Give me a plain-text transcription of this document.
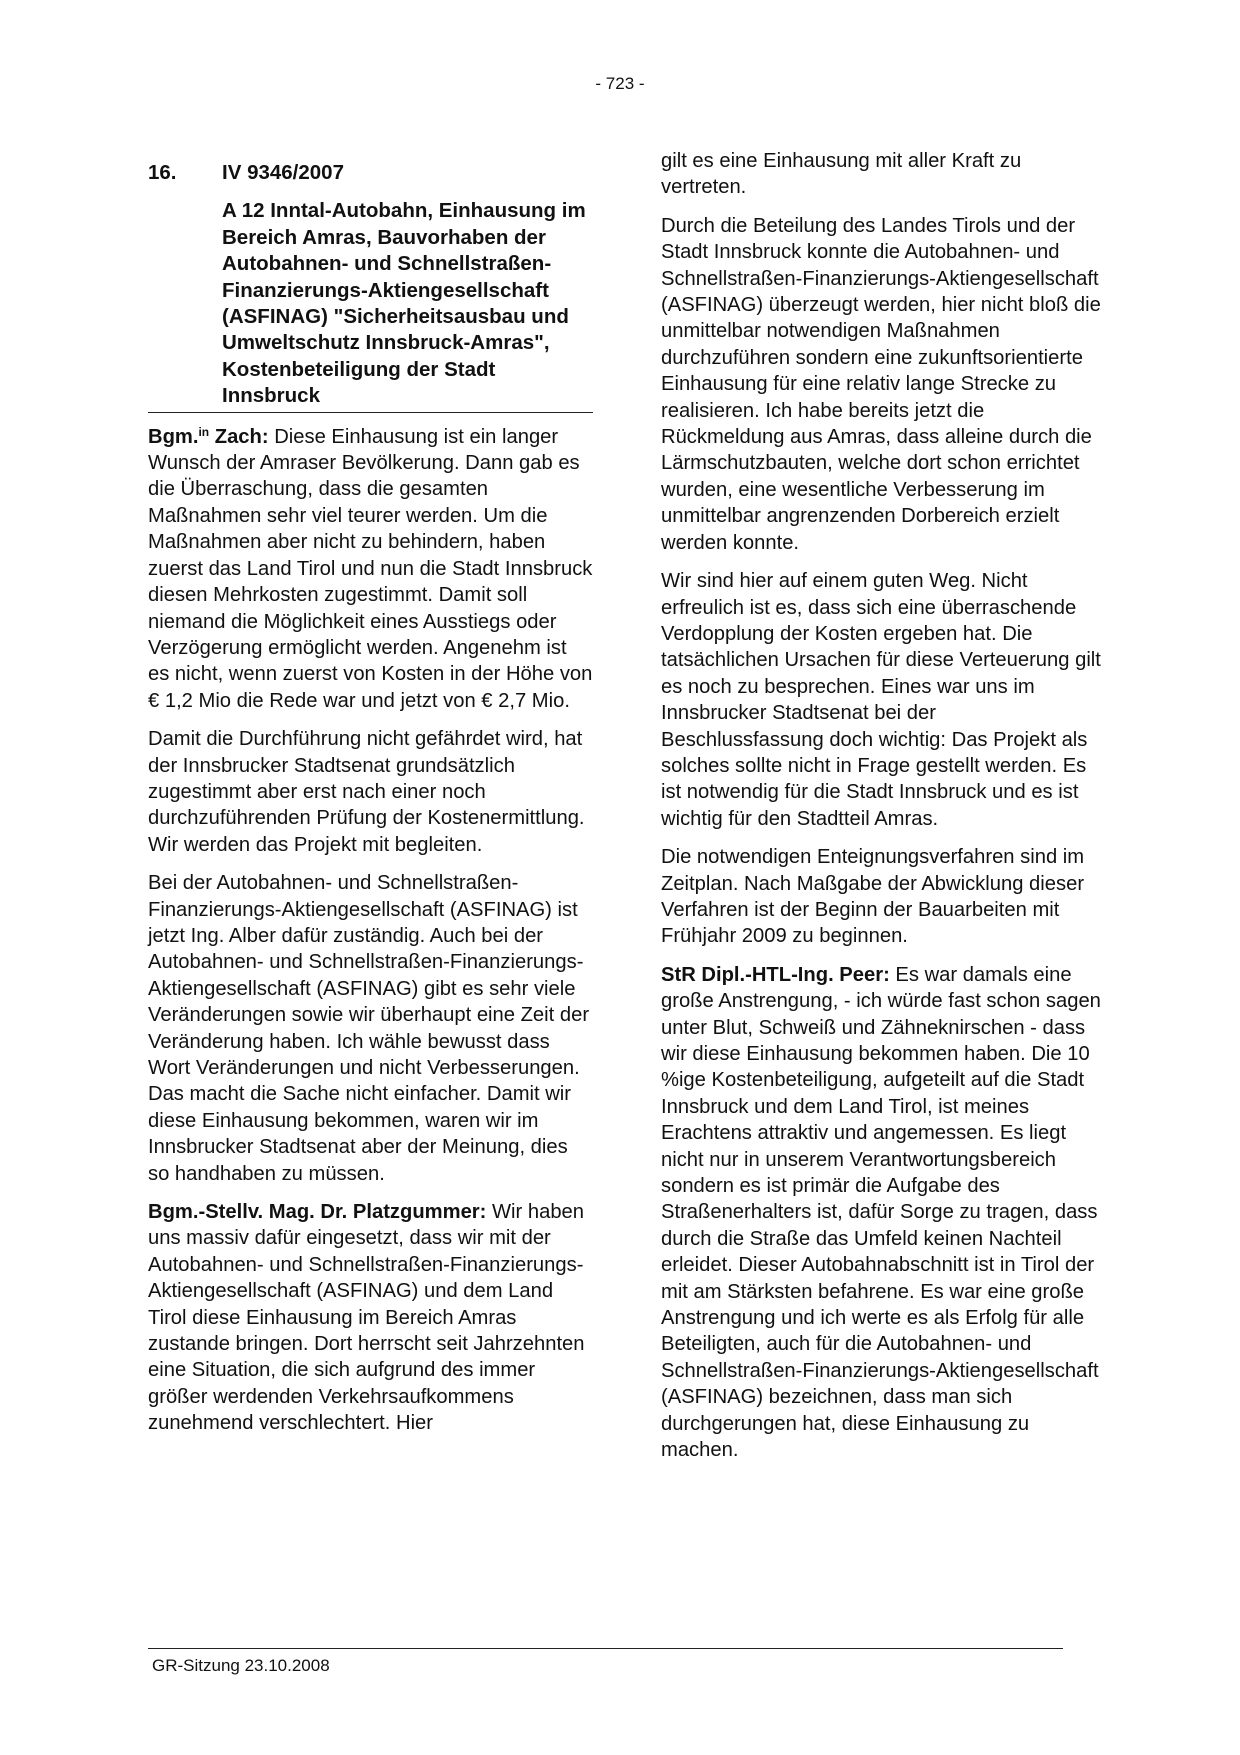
- 723 -
16.	IV 9346/2007
A 12 Inntal-Autobahn, Einhausung im Bereich Amras, Bauvorhaben der Autobahnen- und Schnellstraßen-Finanzierungs-Aktiengesellschaft (ASFINAG) "Sicherheitsausbau und Umweltschutz Innsbruck-Amras", Kostenbeteiligung der Stadt Innsbruck

Bgm.$^{in}$ Zach: Diese Einhausung ist ein langer Wunsch der Amraser Bevölkerung. Dann gab es die Überraschung, dass die gesamten Maßnahmen sehr viel teurer werden. Um die Maßnahmen aber nicht zu behindern, haben zuerst das Land Tirol und nun die Stadt Innsbruck diesen Mehrkosten zugestimmt. Damit soll niemand die Möglichkeit eines Ausstiegs oder Verzögerung ermöglicht werden. Angenehm ist es nicht, wenn zuerst von Kosten in der Höhe von € 1,2 Mio die Rede war und jetzt von € 2,7 Mio.

Damit die Durchführung nicht gefährdet wird, hat der Innsbrucker Stadtsenat grundsätzlich zugestimmt aber erst nach einer noch durchzuführenden Prüfung der Kostenermittlung. Wir werden das Projekt mit begleiten.

Bei der Autobahnen- und Schnellstraßen-Finanzierungs-Aktiengesellschaft (ASFINAG) ist jetzt Ing. Alber dafür zuständig. Auch bei der Autobahnen- und Schnellstraßen-Finanzierungs-Aktiengesellschaft (ASFINAG) gibt es sehr viele Veränderungen sowie wir überhaupt eine Zeit der Veränderung haben. Ich wähle bewusst dass Wort Veränderungen und nicht Verbesserungen. Das macht die Sache nicht einfacher. Damit wir diese Einhausung bekommen, waren wir im Innsbrucker Stadtsenat aber der Meinung, dies so handhaben zu müssen.

Bgm.-Stellv. Mag. Dr. Platzgummer: Wir haben uns massiv dafür eingesetzt, dass wir mit der Autobahnen- und Schnellstraßen-Finanzierungs-Aktiengesellschaft (ASFINAG) und dem Land Tirol diese Einhausung im Bereich Amras zustande bringen. Dort herrscht seit Jahrzehnten eine Situation, die sich aufgrund des immer größer werdenden Verkehrsaufkommens zunehmend verschlechtert. Hier

gilt es eine Einhausung mit aller Kraft zu vertreten.

Durch die Beteilung des Landes Tirols und der Stadt Innsbruck konnte die Autobahnen- und Schnellstraßen-Finanzierungs-Aktiengesellschaft (ASFINAG) überzeugt werden, hier nicht bloß die unmittelbar notwendigen Maßnahmen durchzuführen sondern eine zukunftsorientierte Einhausung für eine relativ lange Strecke zu realisieren. Ich habe bereits jetzt die Rückmeldung aus Amras, dass alleine durch die Lärmschutzbauten, welche dort schon errichtet wurden, eine wesentliche Verbesserung im unmittelbar angrenzenden Dorbereich erzielt werden konnte.

Wir sind hier auf einem guten Weg. Nicht erfreulich ist es, dass sich eine überraschende Verdopplung der Kosten ergeben hat. Die tatsächlichen Ursachen für diese Verteuerung gilt es noch zu besprechen. Eines war uns im Innsbrucker Stadtsenat bei der Beschlussfassung doch wichtig: Das Projekt als solches sollte nicht in Frage gestellt werden. Es ist notwendig für die Stadt Innsbruck und es ist wichtig für den Stadtteil Amras.

Die notwendigen Enteignungsverfahren sind im Zeitplan. Nach Maßgabe der Abwicklung dieser Verfahren ist der Beginn der Bauarbeiten mit Frühjahr 2009 zu beginnen.

StR Dipl.-HTL-Ing. Peer: Es war damals eine große Anstrengung, - ich würde fast schon sagen unter Blut, Schweiß und Zähneknirschen - dass wir diese Einhausung bekommen haben. Die 10 %ige Kostenbeteiligung, aufgeteilt auf die Stadt Innsbruck und dem Land Tirol, ist meines Erachtens attraktiv und angemessen. Es liegt nicht nur in unserem Verantwortungsbereich sondern es ist primär die Aufgabe des Straßenerhalters ist, dafür Sorge zu tragen, dass durch die Straße das Umfeld keinen Nachteil erleidet. Dieser Autobahnabschnitt ist in Tirol der mit am Stärksten befahrene. Es war eine große Anstrengung und ich werte es als Erfolg für alle Beteiligten, auch für die Autobahnen- und Schnellstraßen-Finanzierungs-Aktiengesellschaft (ASFINAG) bezeichnen, dass man sich durchgerungen hat, diese Einhausung zu machen.

GR-Sitzung 23.10.2008
